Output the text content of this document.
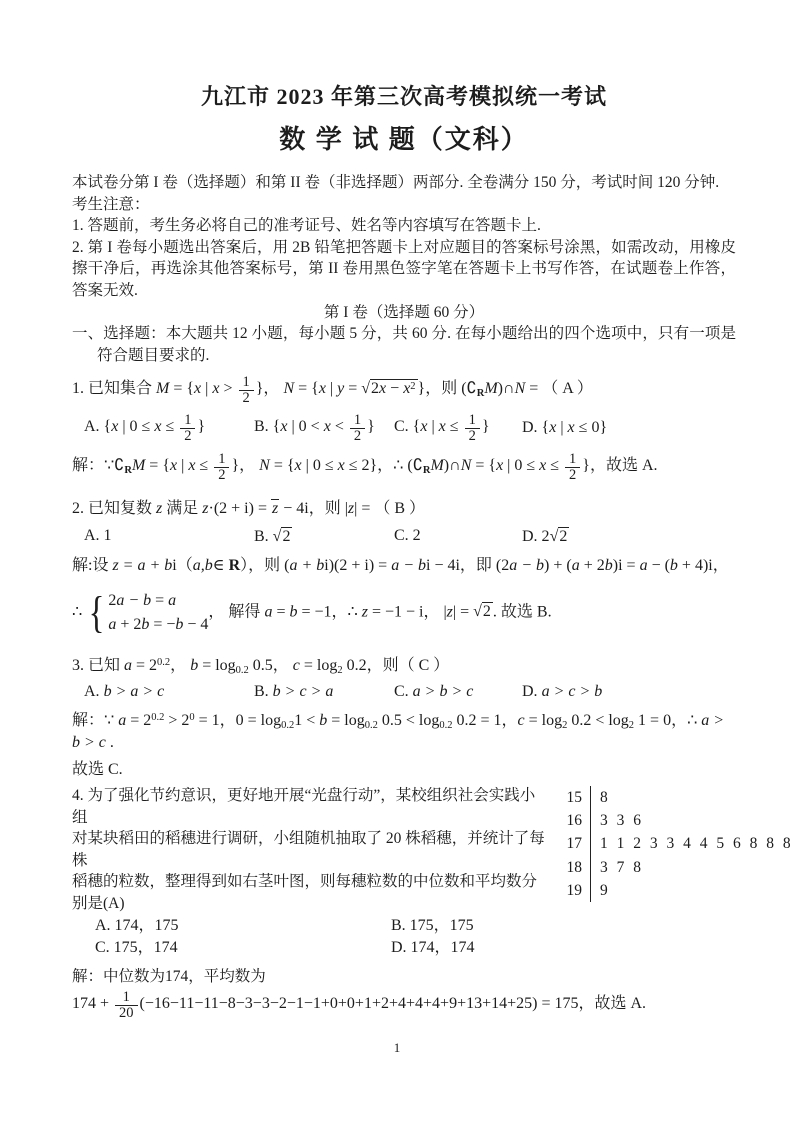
九江市 2023 年第三次高考模拟统一考试
数 学 试 题（文科）

本试卷分第 I 卷（选择题）和第 II 卷（非选择题）两部分. 全卷满分 150 分，考试时间 120 分钟.

考生注意：

1. 答题前，考生务必将自己的准考证号、姓名等内容填写在答题卡上.

2. 第 I 卷每小题选出答案后，用 2B 铅笔把答题卡上对应题目的答案标号涂黑，如需改动，用橡皮擦干净后，再选涂其他答案标号，第 II 卷用黑色签字笔在答题卡上书写作答，在试题卷上作答，答案无效.

第 I 卷（选择题 60 分）

一、选择题：本大题共 12 小题，每小题 5 分，共 60 分. 在每小题给出的四个选项中，只有一项是符合题目要求的.

1. 已知集合 M = {x | $x > \frac{1}{2}$ }， N = {x | $y = √2x - x^2$ }，则 (∁RM)∩N = （ A ）
A. {x | $0 \le x \le \frac{1}{2}$ }	B. {x | $0 < x < \frac{1}{2}$ }	C. {x | $x \le \frac{1}{2}$ }	D. {x | x ≤ 0}
解：∵∁RM = {x | $x \le \frac{1}{2}$ }， N = {x | 0 ≤ x ≤ 2}，∴ (∁RM)∩N = {x | $0 \le x \le \frac{1}{2}$ }，故选 A.
2. 已知复数 z 满足 z·(2 + i) = z − 4i，则 |z| = （ B ）
A. 1	B. √2	C. 2	D. 2√2
解:设 z = a + bi（a,b∈ R），则 (a + bi)(2 + i) = a − bi − 4i，即 (2a − b) + (a + 2b)i = a − (b + 4)i，
∴ { 2a − b = a
a + 2b = −b − 4
， 解得 a = b = −1，∴ z = −1 − i， |z| = √2 . 故选 B.
3. 已知 $a = 2^{0.2}$， b = log0.2 0.5， c = log2 0.2，则（ C ）
A. b > a > c	B. b > c > a	C. a > b > c	D. a > c > b
解：∵ $a = 2^{0.2} > 2^0 = 1$，0 = log0.21 < b = log0.2 0.5 < log0.2 0.2 = 1，c = log2 0.2 < log2 1 = 0，∴ a > b > c .
故选 C.

4. 为了强化节约意识，更好地开展“光盘行动”，某校组织社会实践小组

对某块稻田的稻穗进行调研，小组随机抽取了 20 株稻穗，并统计了每株

稻穗的粒数，整理得到如右茎叶图，则每穗粒数的中位数和平均数分别是(A)

A. 174，175	B. 175，175
C. 175，174	D. 174，174
15	8
16	3 3 6
17	1 1 2 3 3 4 4 5 6 8 8 8
18	3 7 8
19	9

解：中位数为174，平均数为

$174 + \frac{1}{20} (-16-11-11-8-3-3-2-1-1+0+0+1+2+4+4+4+9+13+14+25) = 175$，故选 A.
1
